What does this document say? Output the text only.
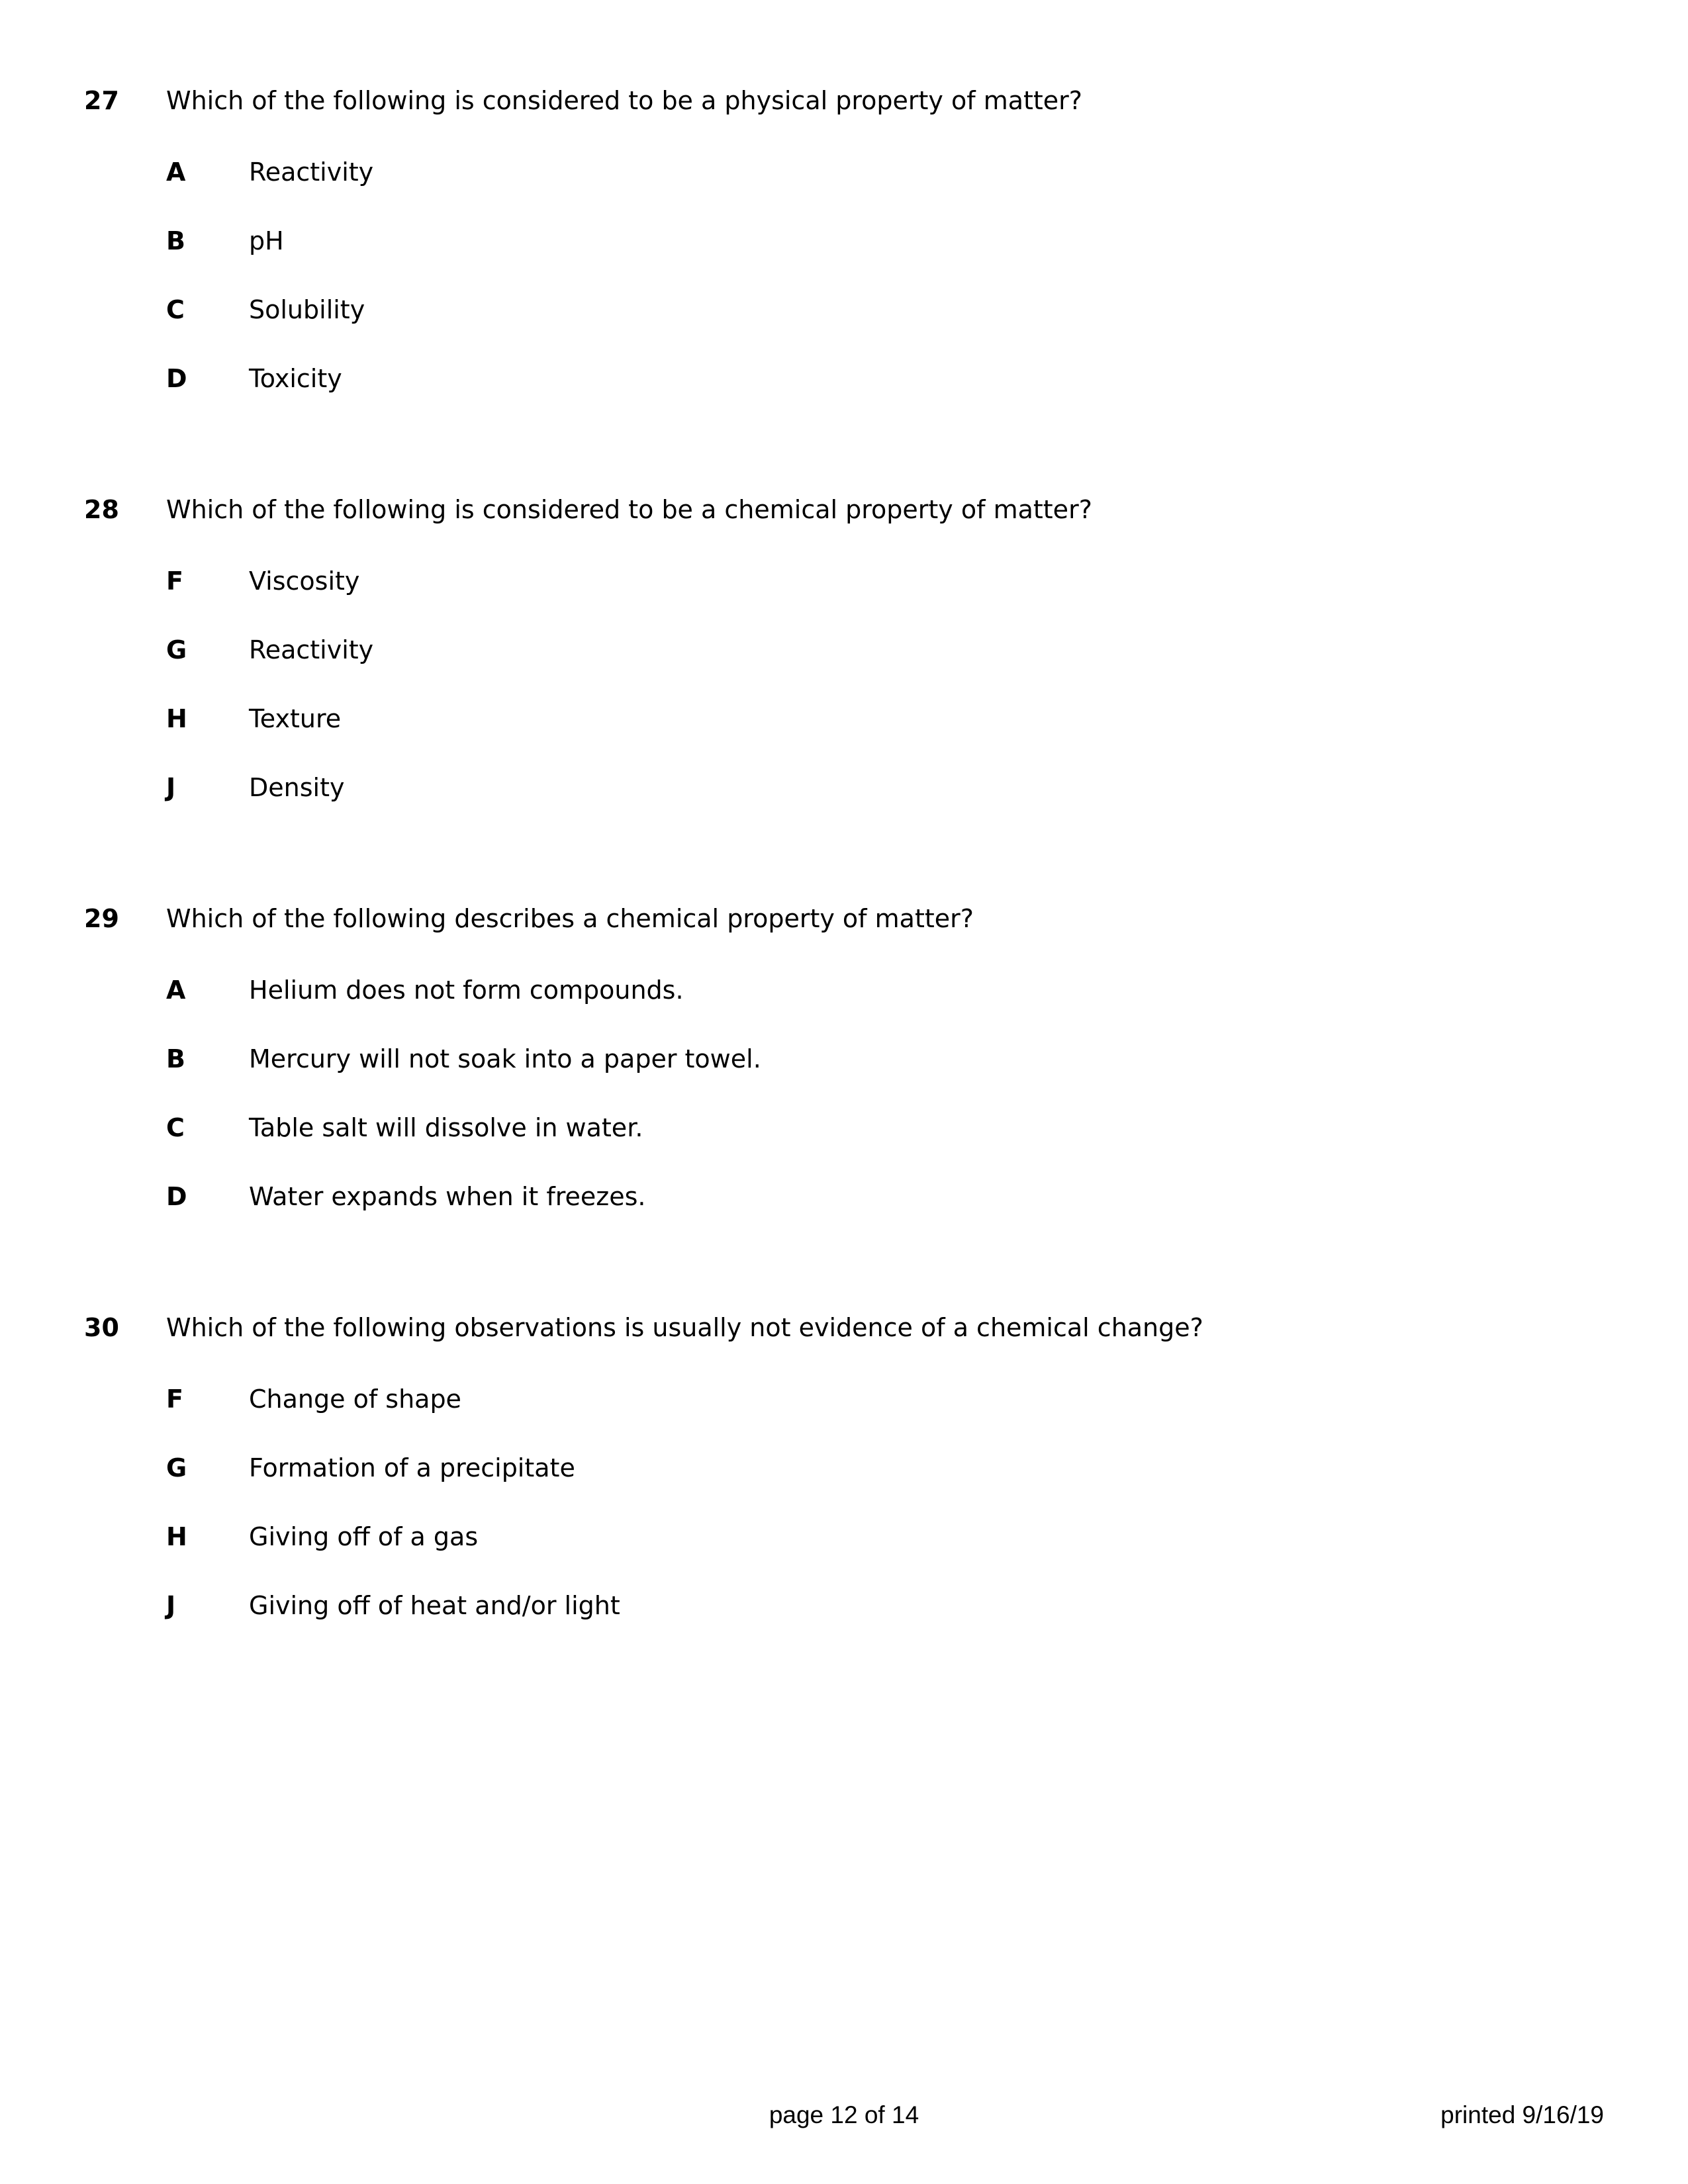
27	Which of the following is considered to be a physical property of matter?
A	Reactivity
B	pH
C	Solubility
D	Toxicity
28	Which of the following is considered to be a chemical property of matter?
F	Viscosity
G	Reactivity
H	Texture
J	Density
29	Which of the following describes a chemical property of matter?
A	Helium does not form compounds.
B	Mercury will not soak into a paper towel.
C	Table salt will dissolve in water.
D	Water expands when it freezes.
30	Which of the following observations is usually not evidence of a chemical change?
F	Change of shape
G	Formation of a precipitate
H	Giving off of a gas
J	Giving off of heat and/or light
page 12 of 14	printed 9/16/19
